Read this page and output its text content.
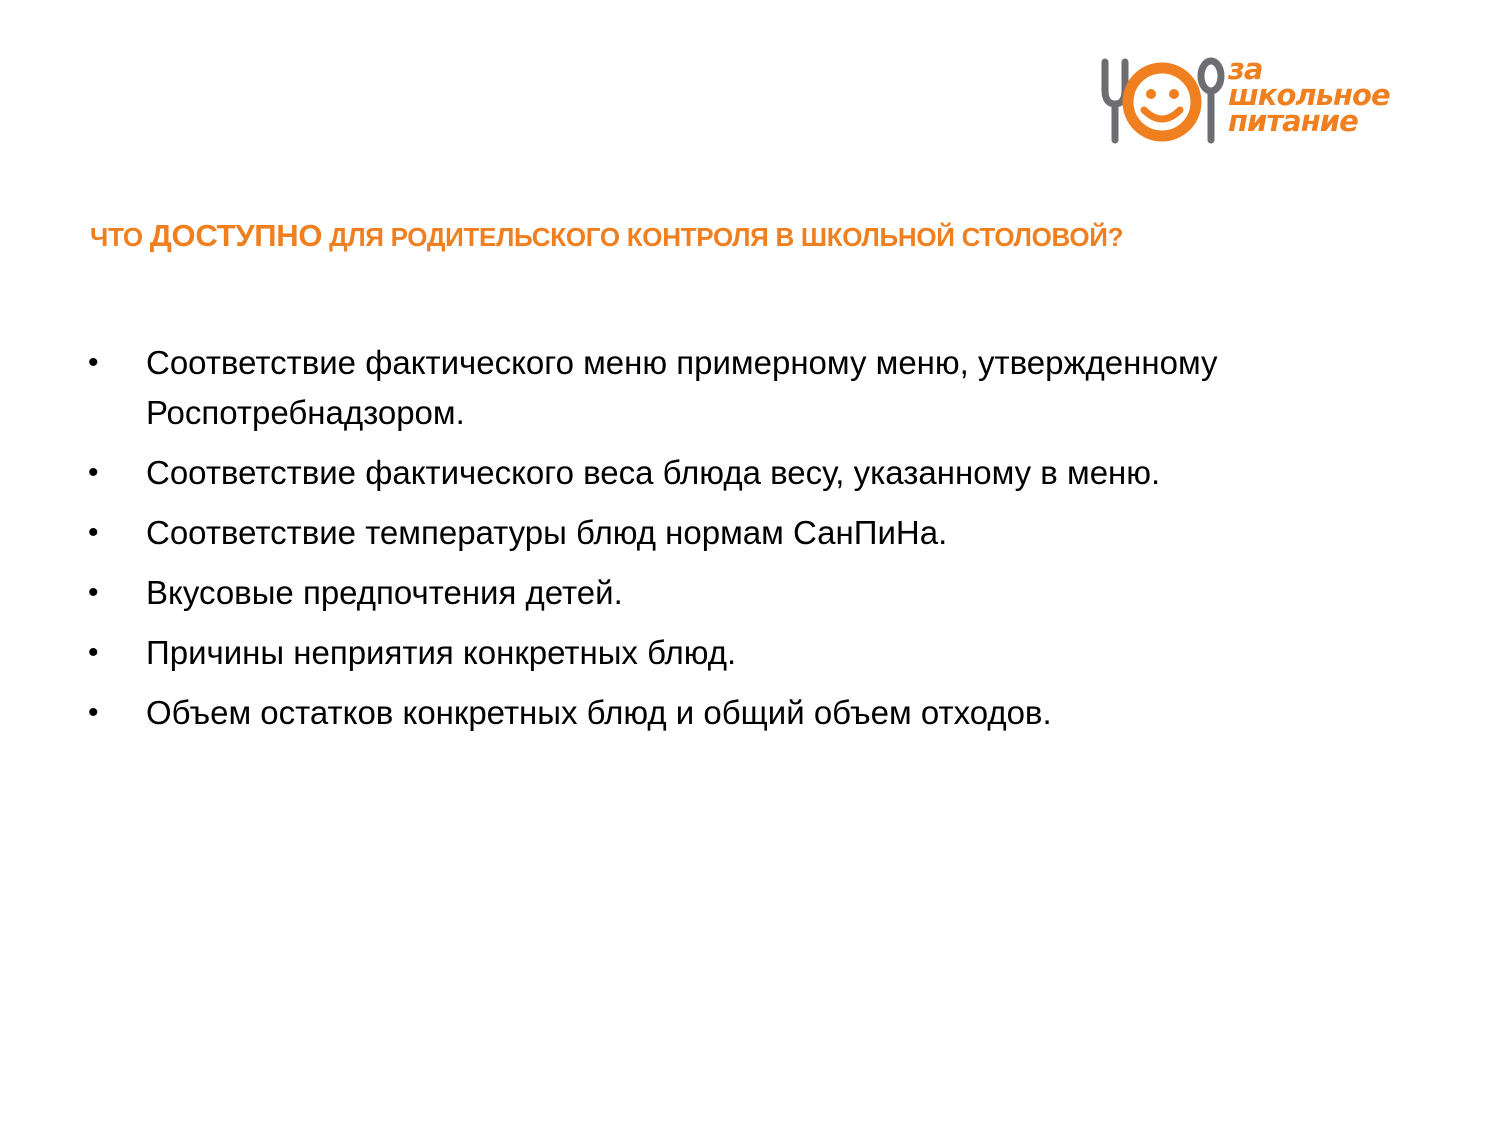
за
школьное
питание
ЧТО ДОСТУПНО ДЛЯ РОДИТЕЛЬСКОГО КОНТРОЛЯ В ШКОЛЬНОЙ СТОЛОВОЙ?
• Соответствие фактического меню примерному меню, утвержденному Роспотребнадзором.
• Соответствие фактического веса блюда весу, указанному в меню.
• Соответствие температуры блюд нормам СанПиНа.
• Вкусовые предпочтения детей.
• Причины неприятия конкретных блюд.
• Объем остатков конкретных блюд и общий объем отходов.
